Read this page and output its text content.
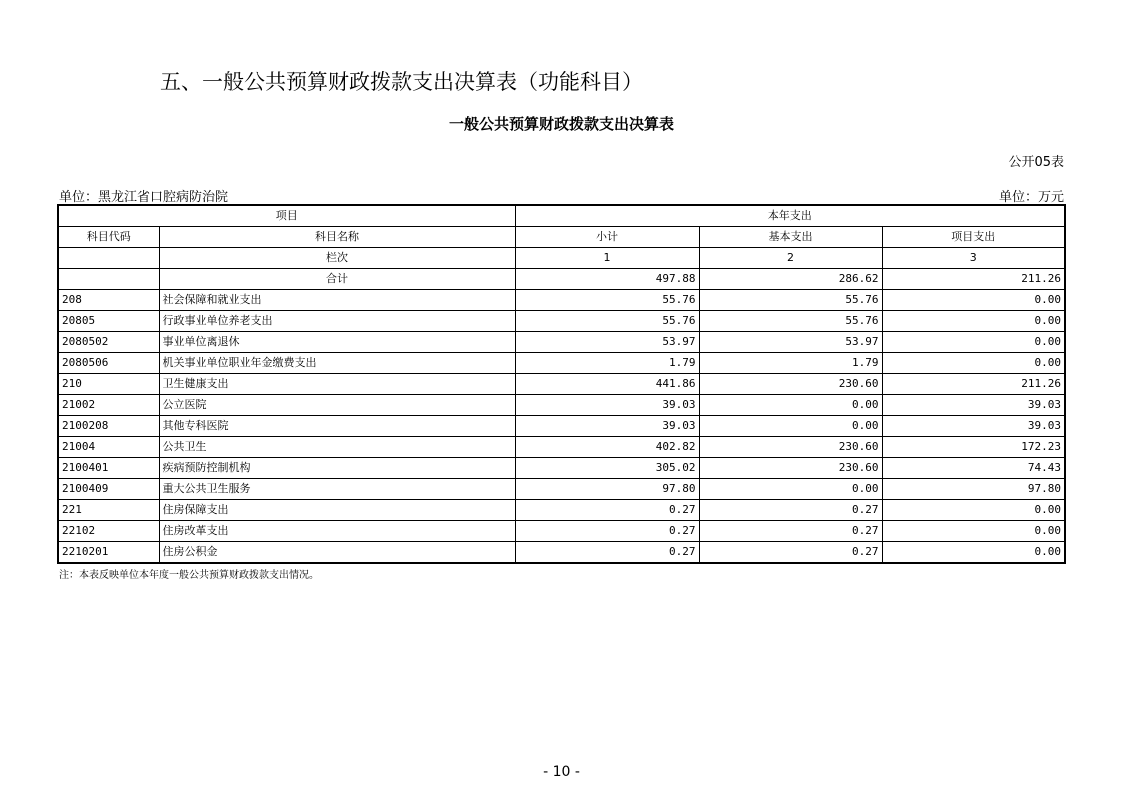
五、一般公共预算财政拨款支出决算表（功能科目）
一般公共预算财政拨款支出决算表
公开05表
单位：黑龙江省口腔病防治院	单位：万元
项目		本年支出		
科目代码	科目名称	小计	基本支出	项目支出
	栏次	1	2	3
	合计	497.88	286.62	211.26
208	社会保障和就业支出	55.76	55.76	0.00
20805	行政事业单位养老支出	55.76	55.76	0.00
2080502	事业单位离退休	53.97	53.97	0.00
2080506	机关事业单位职业年金缴费支出	1.79	1.79	0.00
210	卫生健康支出	441.86	230.60	211.26
21002	公立医院	39.03	0.00	39.03
2100208	其他专科医院	39.03	0.00	39.03
21004	公共卫生	402.82	230.60	172.23
2100401	疾病预防控制机构	305.02	230.60	74.43
2100409	重大公共卫生服务	97.80	0.00	97.80
221	住房保障支出	0.27	0.27	0.00
22102	住房改革支出	0.27	0.27	0.00
2210201	住房公积金	0.27	0.27	0.00
注：本表反映单位本年度一般公共预算财政拨款支出情况。
- 10 -
